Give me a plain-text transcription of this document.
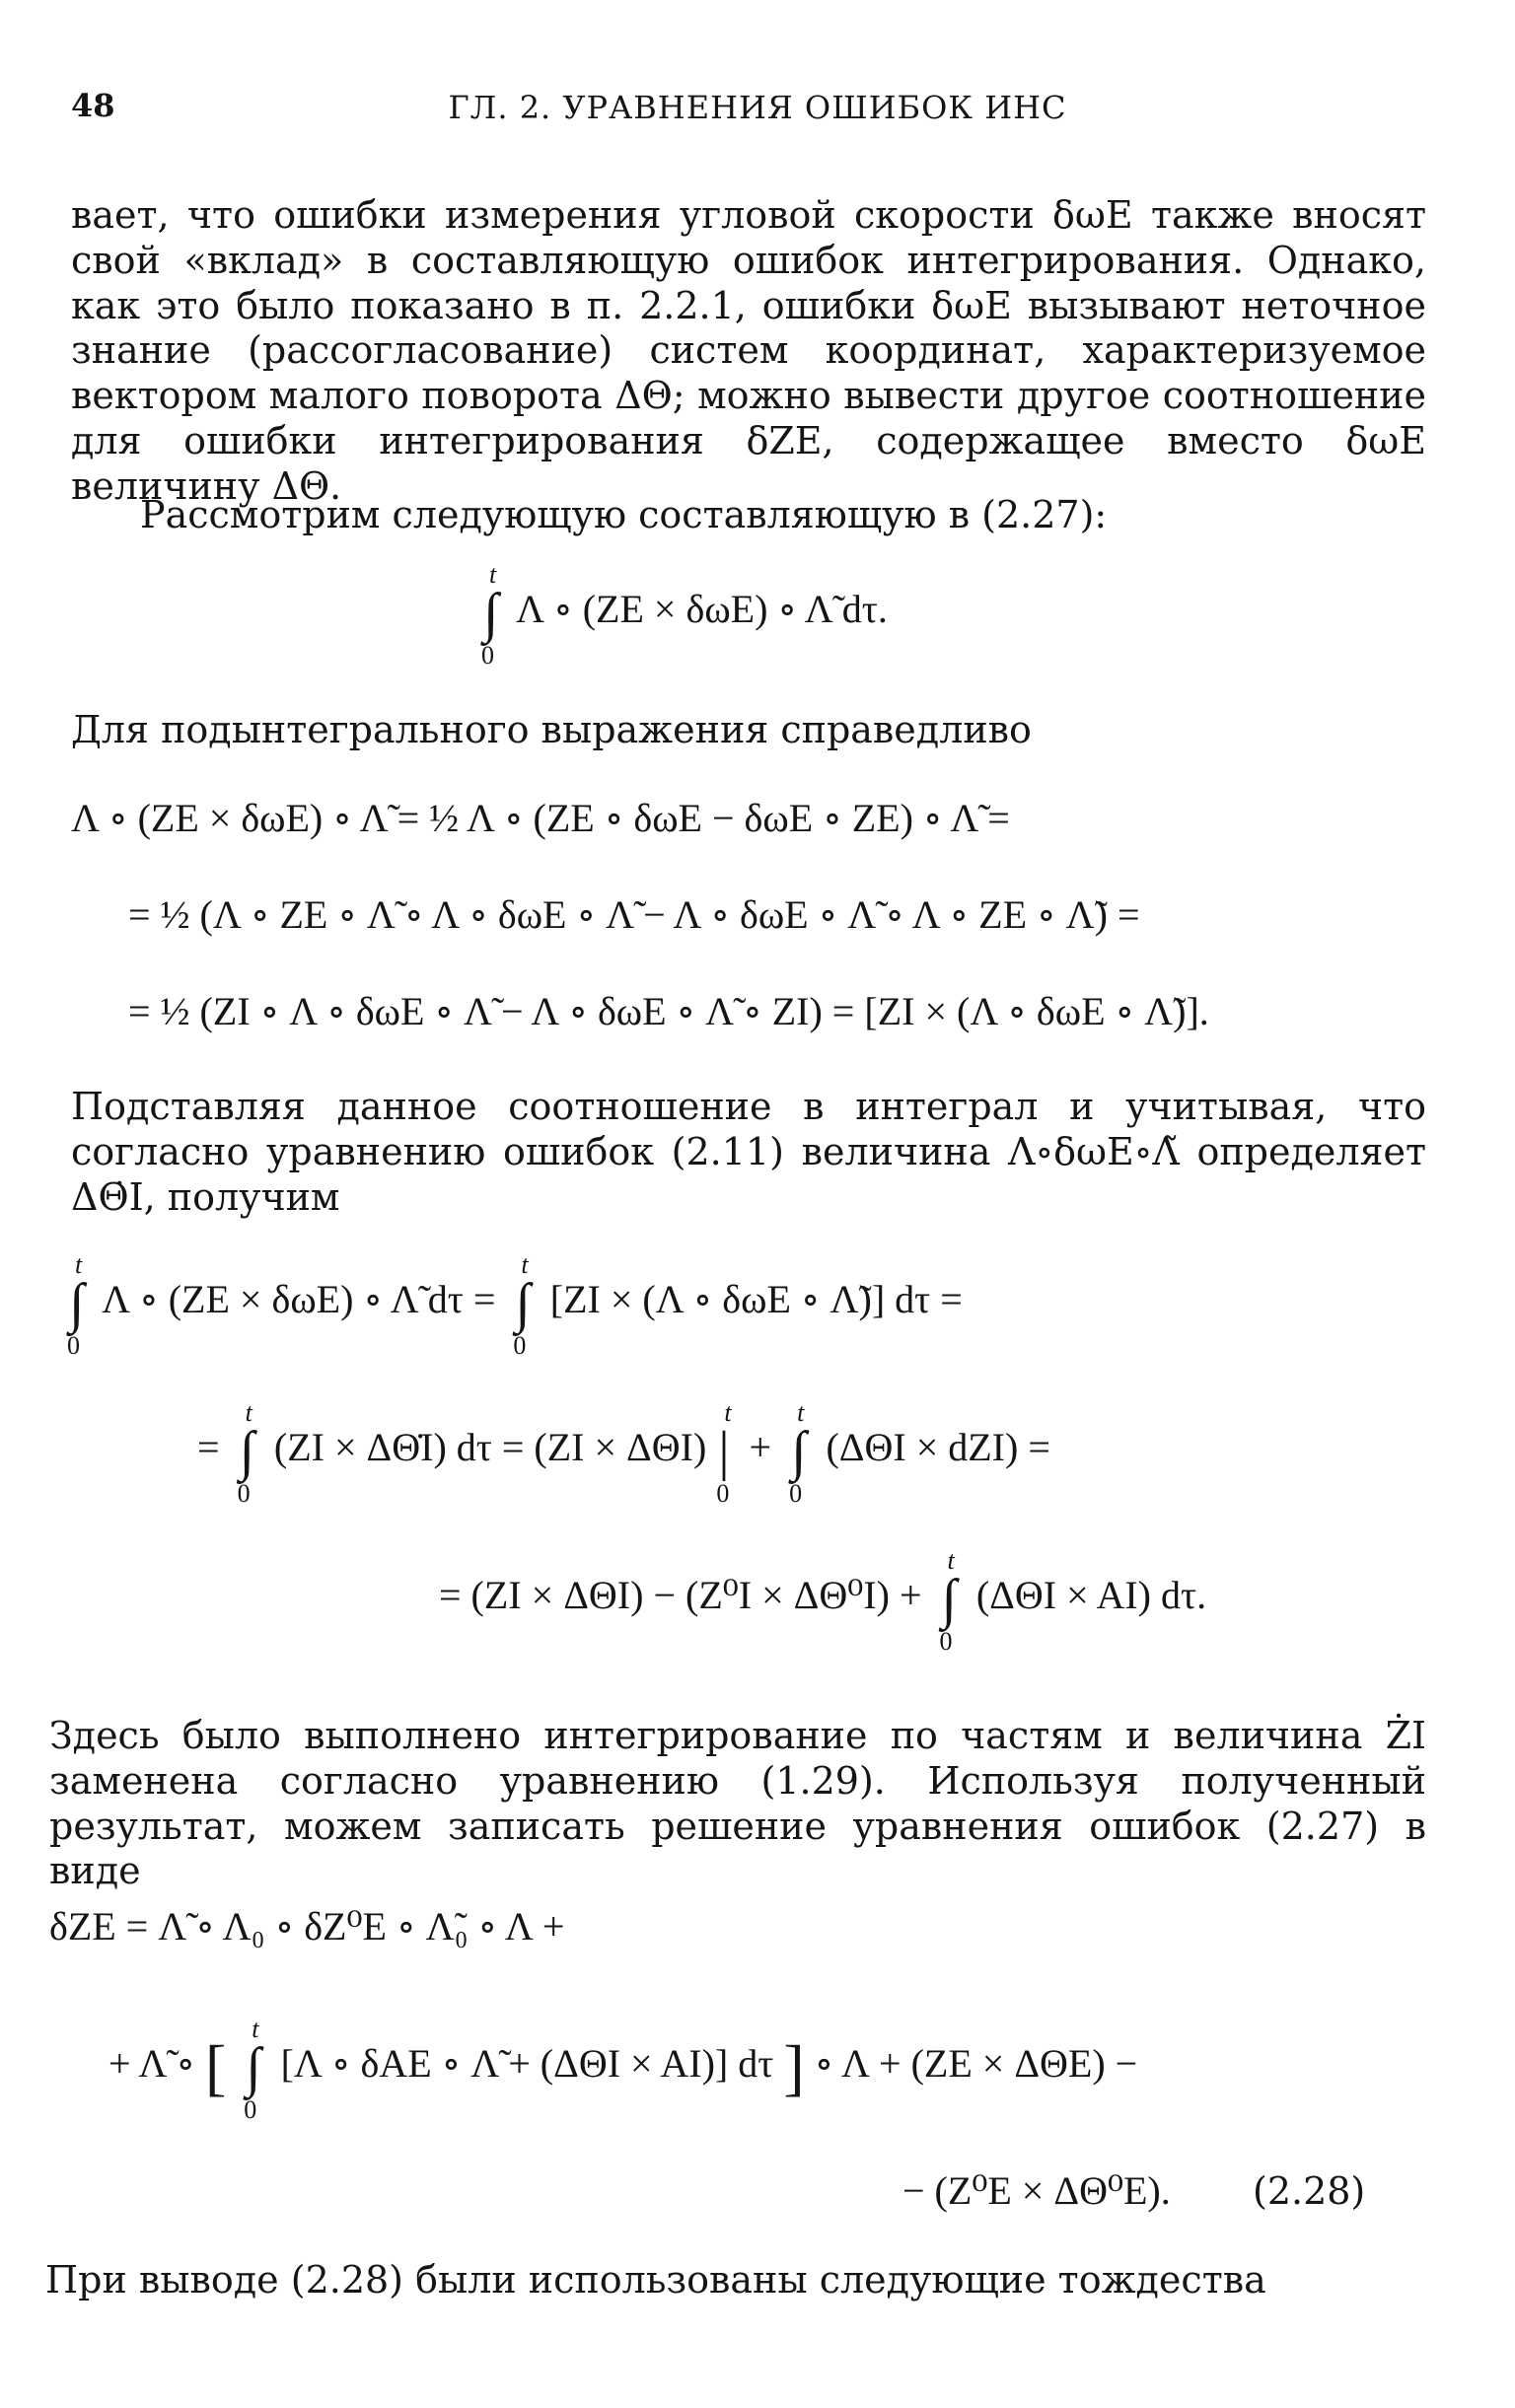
48	ГЛ. 2. УРАВНЕНИЯ ОШИБОК ИНС
вает, что ошибки измерения угловой скорости δωE также вносят свой «вклад» в составляющую ошибок интегрирования. Однако, как это было показано в п. 2.2.1, ошибки δωE вызывают неточное знание (рассогласование) систем координат, характеризуемое вектором малого поворота ΔΘ; можно вывести другое соотношение для ошибки интегрирования δZE, содержащее вместо δωE величину ΔΘ.
Рассмотрим следующую составляющую в (2.27):
∫
t
0
Λ ∘ (ZE × δωE) ∘ Λ̃ dτ.
Для подынтегрального выражения справедливо
Λ ∘ (ZE × δωE) ∘ Λ̃ = ½ Λ ∘ (ZE ∘ δωE − δωE ∘ ZE) ∘ Λ̃ =
= ½ (Λ ∘ ZE ∘ Λ̃ ∘ Λ ∘ δωE ∘ Λ̃ − Λ ∘ δωE ∘ Λ̃ ∘ Λ ∘ ZE ∘ Λ̃) =
= ½ (ZI ∘ Λ ∘ δωE ∘ Λ̃ − Λ ∘ δωE ∘ Λ̃ ∘ ZI) = [ZI × (Λ ∘ δωE ∘ Λ̃)].
Подставляя данное соотношение в интеграл и учитывая, что согласно уравнению ошибок (2.11) величина Λ∘δωE∘Λ̃ определяет ΔΘ̇I, получим
∫
t
0
Λ ∘ (ZE × δωE) ∘ Λ̃ dτ = ∫
t
0
[ZI × (Λ ∘ δωE ∘ Λ̃)] dτ =
= ∫
t
0
(ZI × ΔΘ̇I) dτ = (ZI × ΔΘI) |
t
0
+ ∫
t
0
(ΔΘI × dZI) =
= (ZI × ΔΘI) − (Z⁰I × ΔΘ⁰I) + ∫
t
0
(ΔΘI × AI) dτ.
Здесь было выполнено интегрирование по частям и величина ŻI заменена согласно уравнению (1.29). Используя полученный результат, можем записать решение уравнения ошибок (2.27) в виде
δZE = Λ̃ ∘ Λ₀ ∘ δZ⁰E ∘ Λ̃₀ ∘ Λ +
+ Λ̃ ∘ [ ∫
t
0
[Λ ∘ δAE ∘ Λ̃ + (ΔΘI × AI)] dτ ] ∘ Λ + (ZE × ΔΘE) −
− (Z⁰E × ΔΘ⁰E). (2.28)
При выводе (2.28) были использованы следующие тождества
